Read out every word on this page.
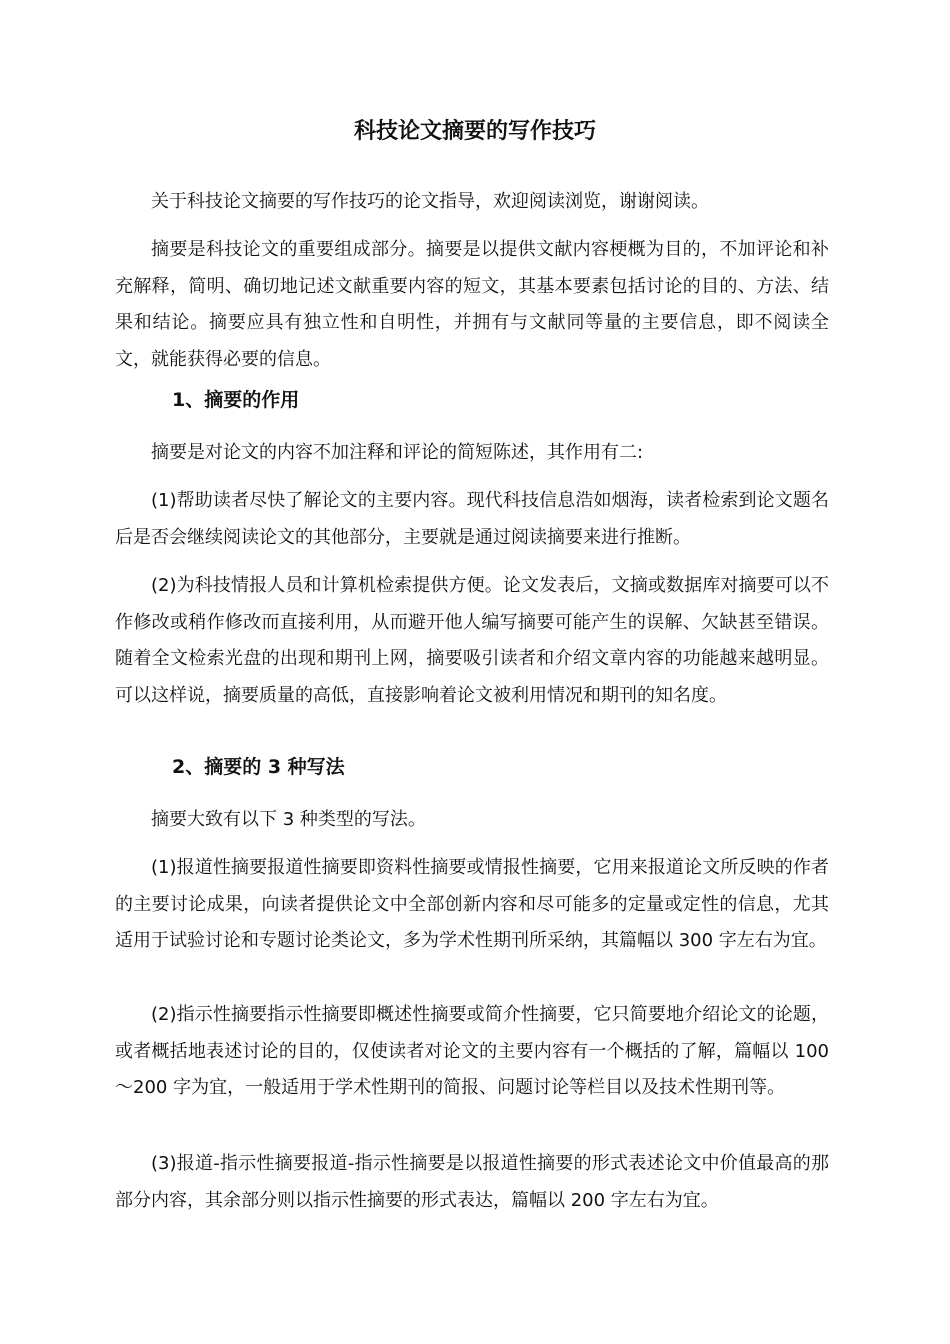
科技论文摘要的写作技巧

关于科技论文摘要的写作技巧的论文指导，欢迎阅读浏览，谢谢阅读。

摘要是科技论文的重要组成部分。摘要是以提供文献内容梗概为目的，不加评论和补充解释，简明、确切地记述文献重要内容的短文，其基本要素包括讨论的目的、方法、结果和结论。摘要应具有独立性和自明性，并拥有与文献同等量的主要信息，即不阅读全文，就能获得必要的信息。

1、摘要的作用

摘要是对论文的内容不加注释和评论的简短陈述，其作用有二:

(1)帮助读者尽快了解论文的主要内容。现代科技信息浩如烟海，读者检索到论文题名后是否会继续阅读论文的其他部分，主要就是通过阅读摘要来进行推断。

(2)为科技情报人员和计算机检索提供方便。论文发表后，文摘或数据库对摘要可以不作修改或稍作修改而直接利用，从而避开他人编写摘要可能产生的误解、欠缺甚至错误。随着全文检索光盘的出现和期刊上网，摘要吸引读者和介绍文章内容的功能越来越明显。可以这样说，摘要质量的高低，直接影响着论文被利用情况和期刊的知名度。

2、摘要的 3 种写法

摘要大致有以下 3 种类型的写法。

(1)报道性摘要报道性摘要即资料性摘要或情报性摘要，它用来报道论文所反映的作者的主要讨论成果，向读者提供论文中全部创新内容和尽可能多的定量或定性的信息，尤其适用于试验讨论和专题讨论类论文，多为学术性期刊所采纳，其篇幅以 300 字左右为宜。

(2)指示性摘要指示性摘要即概述性摘要或简介性摘要，它只简要地介绍论文的论题，或者概括地表述讨论的目的，仅使读者对论文的主要内容有一个概括的了解，篇幅以 100～200 字为宜，一般适用于学术性期刊的简报、问题讨论等栏目以及技术性期刊等。

(3)报道-指示性摘要报道-指示性摘要是以报道性摘要的形式表述论文中价值最高的那部分内容，其余部分则以指示性摘要的形式表达，篇幅以 200 字左右为宜。
